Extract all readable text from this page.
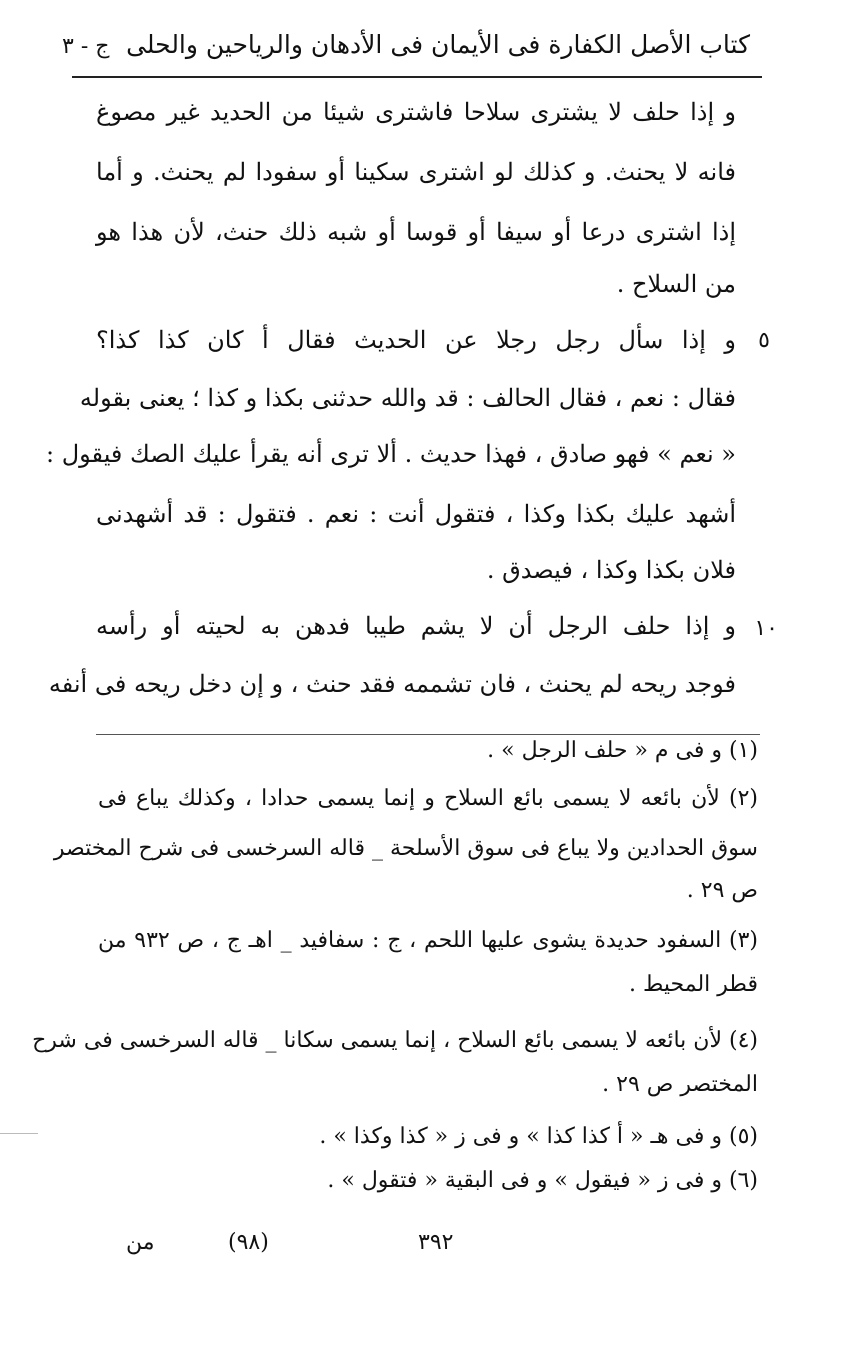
كتاب الأصل الكفارة فى الأيمان فى الأدهان والرياحين والحلى
ج - ٣
و إذا حلف لا يشترى سلاحا فاشترى شيئا من الحديد غير مصوغ
فانه لا يحنث. و كذلك لو اشترى سكينا أو سفودا لم يحنث. و أما
إذا اشترى درعا أو سيفا أو قوسا أو شبه ذلك حنث، لأن هذا هو
من السلاح .
و إذا سأل رجل رجلا عن الحديث فقال أ كان كذا كذا؟
فقال : نعم ، فقال الحالف : قد والله حدثنى بكذا و كذا ؛ يعنى بقوله
« نعم » فهو صادق ، فهذا حديث . ألا ترى أنه يقرأ عليك الصك فيقول :
أشهد عليك بكذا وكذا ، فتقول أنت : نعم . فتقول : قد أشهدنى
فلان بكذا وكذا ، فيصدق .
و إذا حلف الرجل أن لا يشم طيبا فدهن به لحيته أو رأسه
فوجد ريحه لم يحنث ، فان تشممه فقد حنث ، و إن دخل ريحه فى أنفه
٥
١٠
(١) و فى م « حلف الرجل » .
(٢) لأن بائعه لا يسمى بائع السلاح و إنما يسمى حدادا ، وكذلك يباع فى
سوق الحدادين ولا يباع فى سوق الأسلحة _ قاله السرخسى فى شرح المختصر
ص ٢٩ .
(٣) السفود حديدة يشوى عليها اللحم ، ج : سفافيد _ اهـ ج ، ص ٩٣٢ من
قطر المحيط .
(٤) لأن بائعه لا يسمى بائع السلاح ، إنما يسمى سكانا _ قاله السرخسى فى شرح
المختصر ص ٢٩ .
(٥) و فى هـ « أ كذا كذا » و فى ز « كذا وكذا » .
(٦) و فى ز « فيقول » و فى البقية « فتقول » .
٣٩٢
(٩٨)
من
